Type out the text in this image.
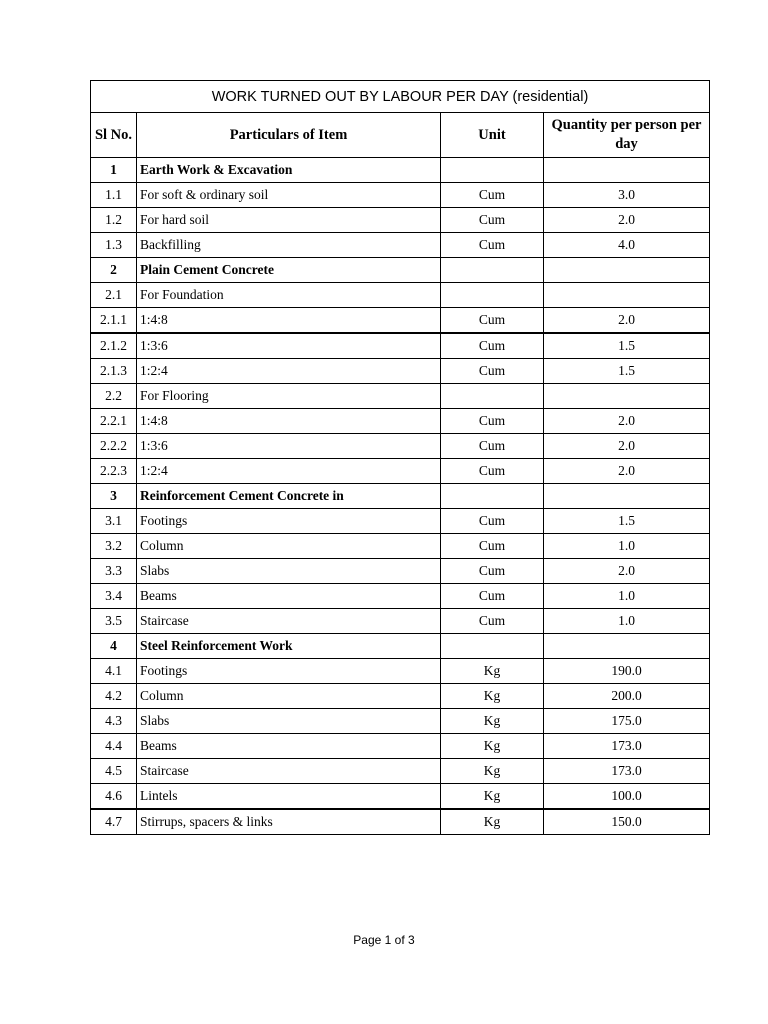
WORK TURNED OUT BY LABOUR PER DAY (residential)			
Sl No.	Particulars of Item	Unit	Quantity per person per day
1	Earth Work & Excavation		
1.1	For soft & ordinary soil	Cum	3.0
1.2	For hard soil	Cum	2.0
1.3	Backfilling	Cum	4.0
2	Plain Cement Concrete		
2.1	For Foundation		
2.1.1	1:4:8	Cum	2.0
2.1.2	1:3:6	Cum	1.5
2.1.3	1:2:4	Cum	1.5
2.2	For Flooring		
2.2.1	1:4:8	Cum	2.0
2.2.2	1:3:6	Cum	2.0
2.2.3	1:2:4	Cum	2.0
3	Reinforcement Cement Concrete in		
3.1	Footings	Cum	1.5
3.2	Column	Cum	1.0
3.3	Slabs	Cum	2.0
3.4	Beams	Cum	1.0
3.5	Staircase	Cum	1.0
4	Steel Reinforcement Work		
4.1	Footings	Kg	190.0
4.2	Column	Kg	200.0
4.3	Slabs	Kg	175.0
4.4	Beams	Kg	173.0
4.5	Staircase	Kg	173.0
4.6	Lintels	Kg	100.0
4.7	Stirrups, spacers & links	Kg	150.0
Page 1 of 3
